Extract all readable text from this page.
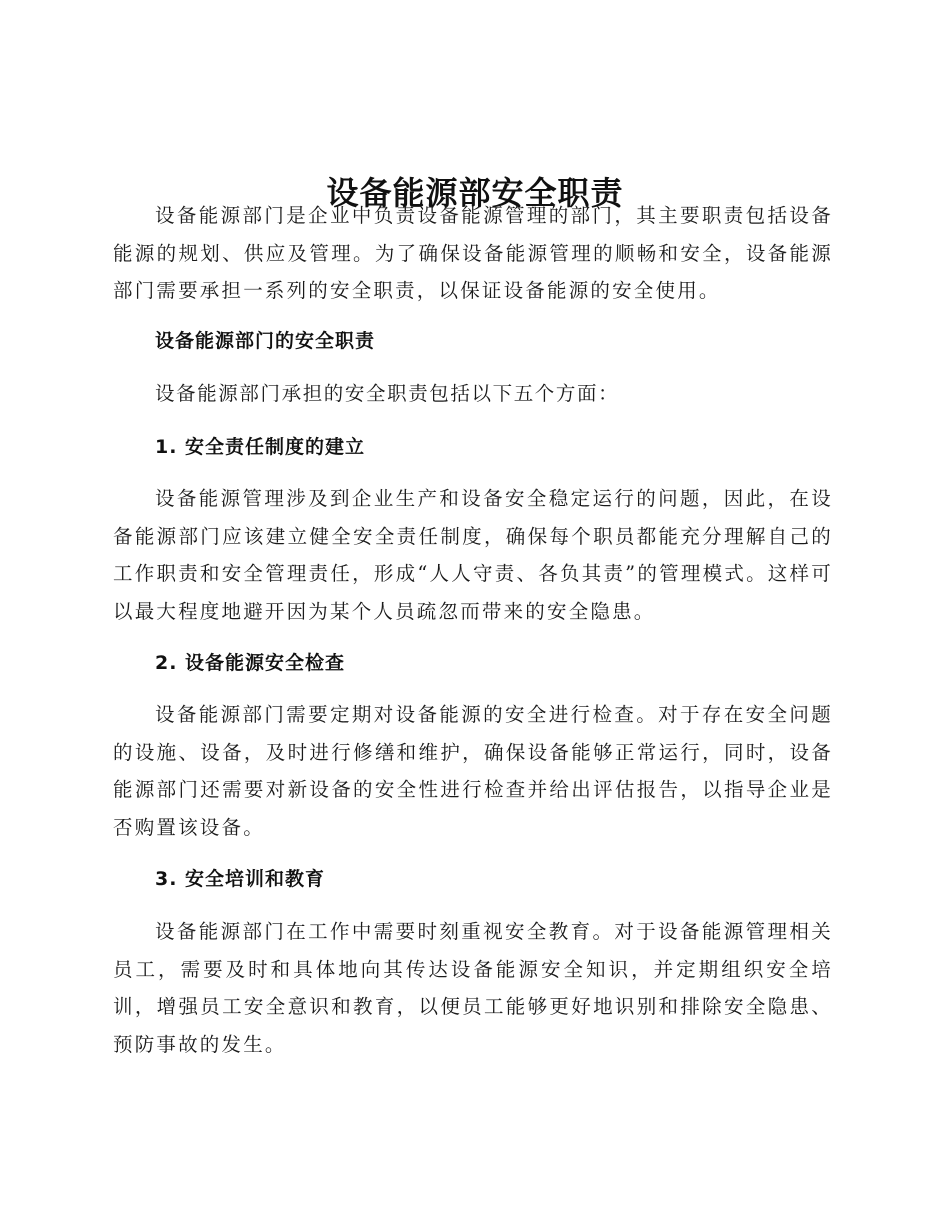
设备能源部安全职责

设备能源部门是企业中负责设备能源管理的部门，其主要职责包括设备能源的规划、供应及管理。为了确保设备能源管理的顺畅和安全，设备能源部门需要承担一系列的安全职责，以保证设备能源的安全使用。

设备能源部门的安全职责

设备能源部门承担的安全职责包括以下五个方面：

1. 安全责任制度的建立

设备能源管理涉及到企业生产和设备安全稳定运行的问题，因此，在设备能源部门应该建立健全安全责任制度，确保每个职员都能充分理解自己的工作职责和安全管理责任，形成“人人守责、各负其责”的管理模式。这样可以最大程度地避开因为某个人员疏忽而带来的安全隐患。

2. 设备能源安全检查

设备能源部门需要定期对设备能源的安全进行检查。对于存在安全问题的设施、设备，及时进行修缮和维护，确保设备能够正常运行，同时，设备能源部门还需要对新设备的安全性进行检查并给出评估报告，以指导企业是否购置该设备。

3. 安全培训和教育

设备能源部门在工作中需要时刻重视安全教育。对于设备能源管理相关员工，需要及时和具体地向其传达设备能源安全知识，并定期组织安全培训，增强员工安全意识和教育，以便员工能够更好地识别和排除安全隐患、预防事故的发生。
